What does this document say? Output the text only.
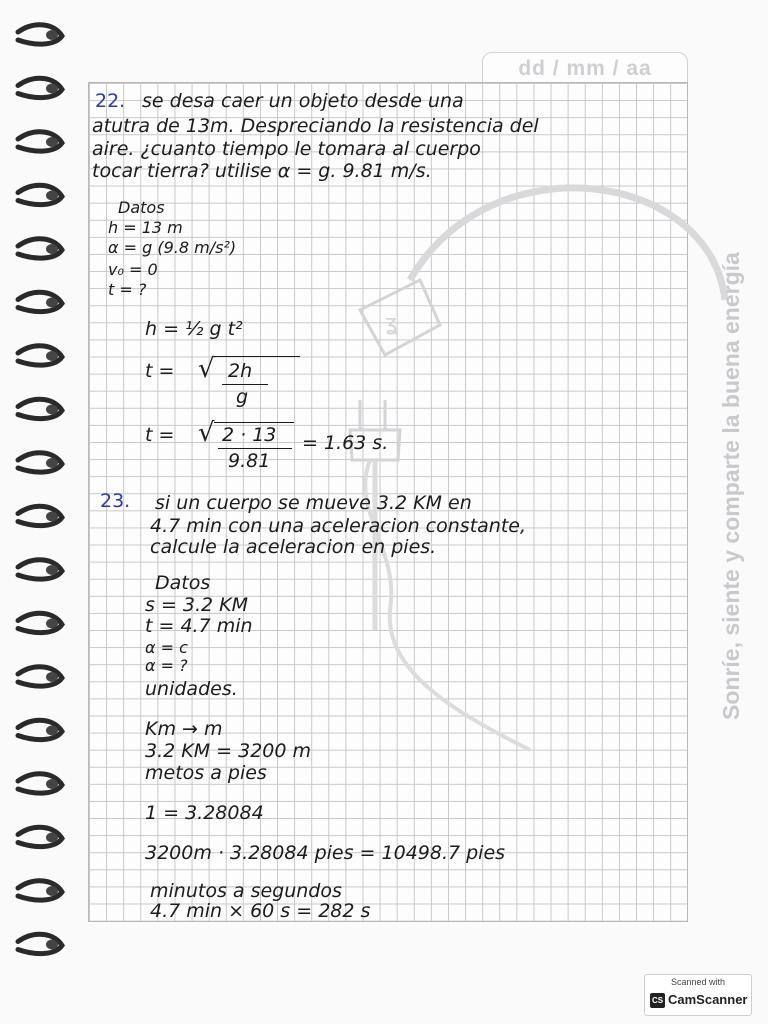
dd / mm / aa
ʓ	Sonríe, siente y comparte la buena energía
22. se desa caer un objeto desde una
atutra de 13m. Despreciando la resistencia del
aire. ¿cuanto tiempo le tomara al cuerpo
tocar tierra? utilise α = g. 9.81 m/s.
Datos
h = 13 m
α = g (9.8 m/s²)
v₀ = 0
t = ?
h = ½ g t²
t = √ 2h
g
t = √ 2 · 13
9.81
= 1.63 s.
23. si un cuerpo se mueve 3.2 KM en
4.7 min con una aceleracion constante,
calcule la aceleracion en pies.
Datos
s = 3.2 KM
t = 4.7 min
α = c
α = ?
unidades.
Km → m
3.2 KM = 3200 m
metos a pies
1 = 3.28084
3200m · 3.28084 pies = 10498.7 pies
minutos a segundos
4.7 min × 60 s = 282 s
Scanned with
CS CamScanner
